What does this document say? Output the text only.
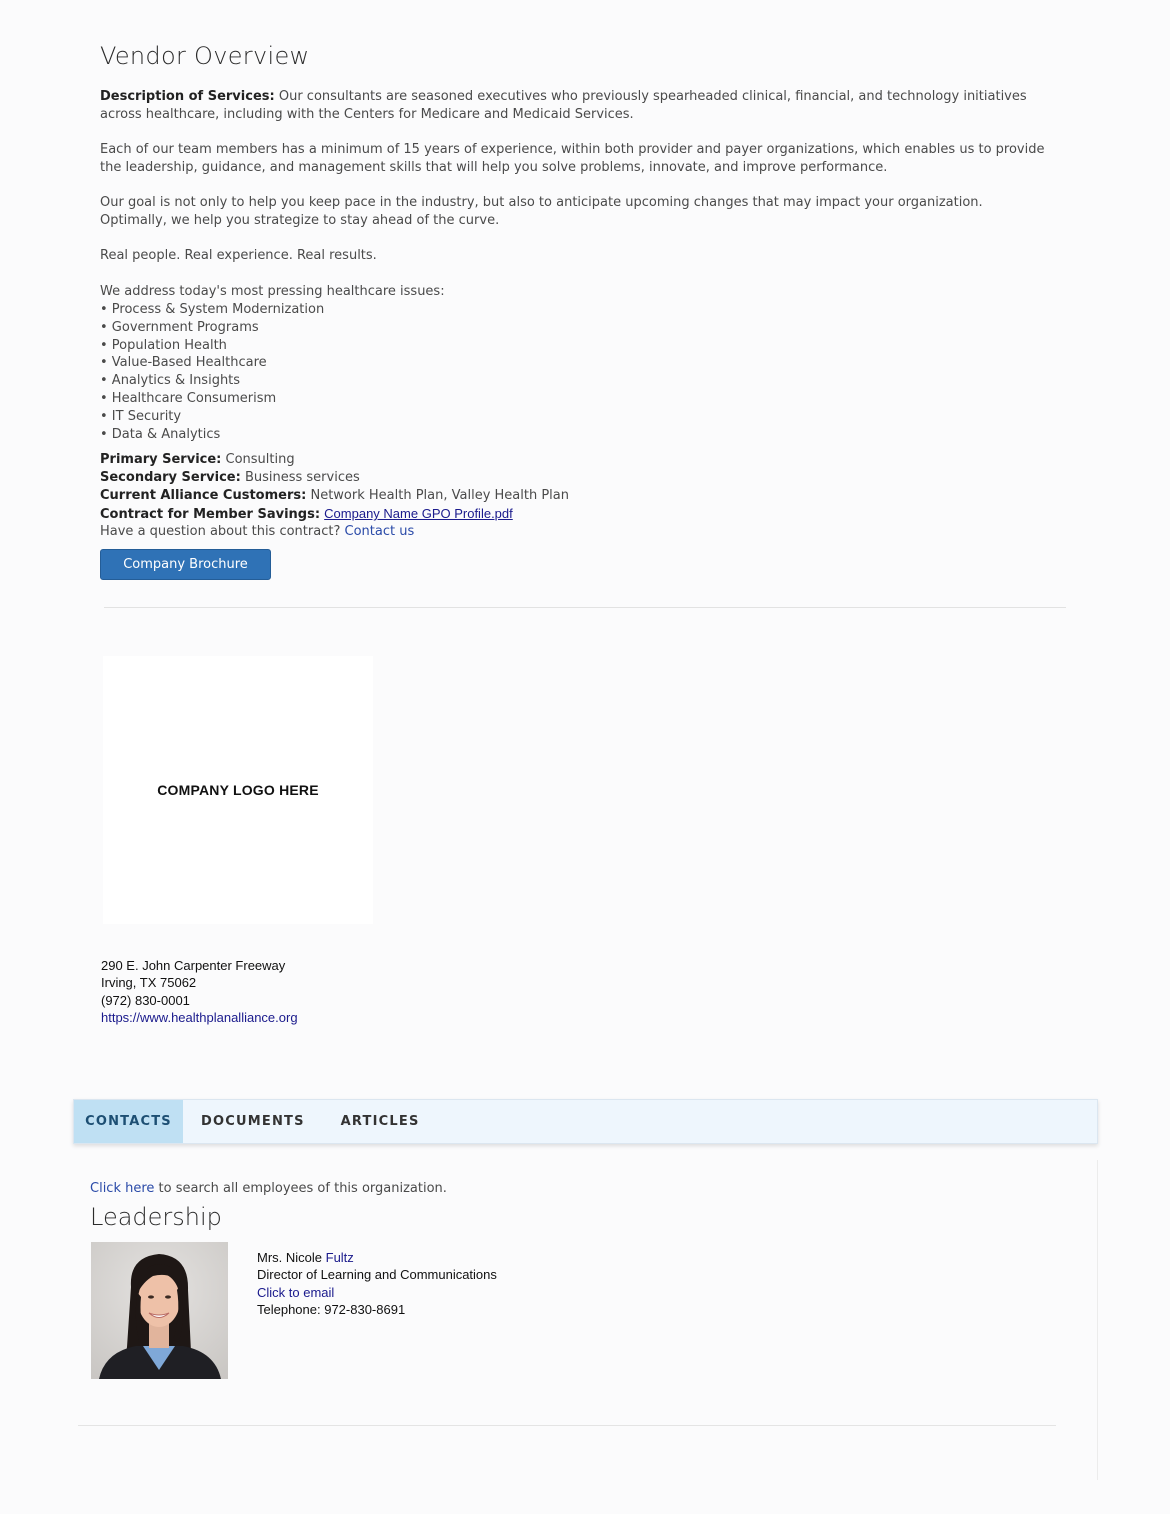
Vendor Overview

Description of Services: Our consultants are seasoned executives who previously spearheaded clinical, financial, and technology initiatives across healthcare, including with the Centers for Medicare and Medicaid Services.

Each of our team members has a minimum of 15 years of experience, within both provider and payer organizations, which enables us to provide the leadership, guidance, and management skills that will help you solve problems, innovate, and improve performance.

Our goal is not only to help you keep pace in the industry, but also to anticipate upcoming changes that may impact your organization. Optimally, we help you strategize to stay ahead of the curve.

Real people. Real experience. Real results.

We address today's most pressing healthcare issues:

• Process & System Modernization
• Government Programs
• Population Health
• Value-Based Healthcare
• Analytics & Insights
• Healthcare Consumerism
• IT Security
• Data & Analytics
Primary Service: Consulting
Secondary Service: Business services
Current Alliance Customers: Network Health Plan, Valley Health Plan
Contract for Member Savings: Company Name GPO Profile.pdf
Have a question about this contract? Contact us
Company Brochure
COMPANY LOGO HERE
290 E. John Carpenter Freeway
Irving, TX 75062
(972) 830-0001
https://www.healthplanalliance.org
CONTACTS	DOCUMENTS	ARTICLES
Click here to search all employees of this organization.
Leadership
Mrs. Nicole Fultz
Director of Learning and Communications
Click to email
Telephone: 972-830-8691
